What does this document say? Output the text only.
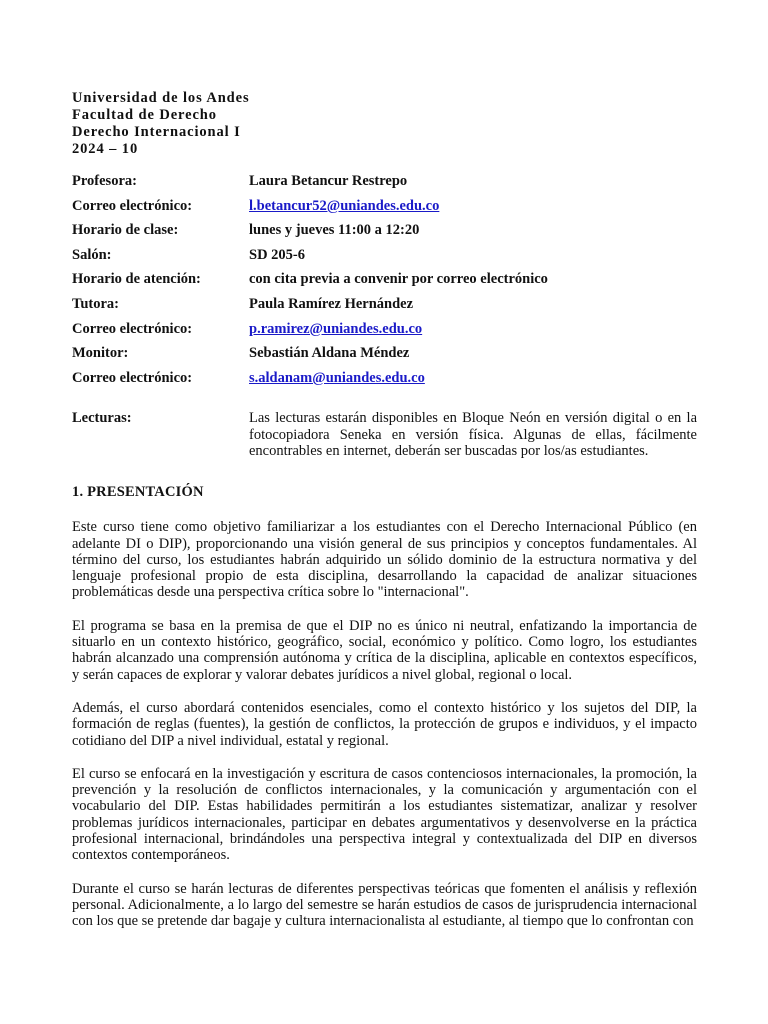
Universidad de los Andes
Facultad de Derecho
Derecho Internacional I
2024 – 10
Profesora:	Laura Betancur Restrepo
Correo electrónico:	l.betancur52@uniandes.edu.co
Horario de clase:	lunes y jueves 11:00 a 12:20
Salón:	SD 205-6
Horario de atención:	con cita previa a convenir por correo electrónico
Tutora:	Paula Ramírez Hernández
Correo electrónico:	p.ramirez@uniandes.edu.co
Monitor:	Sebastián Aldana Méndez
Correo electrónico:	s.aldanam@uniandes.edu.co
Lecturas:	Las lecturas estarán disponibles en Bloque Neón en versión digital o en la fotocopiadora Seneka en versión física. Algunas de ellas, fácilmente encontrables en internet, deberán ser buscadas por los/as estudiantes.
1. PRESENTACIÓN

Este curso tiene como objetivo familiarizar a los estudiantes con el Derecho Internacional Público (en adelante DI o DIP), proporcionando una visión general de sus principios y conceptos fundamentales. Al término del curso, los estudiantes habrán adquirido un sólido dominio de la estructura normativa y del lenguaje profesional propio de esta disciplina, desarrollando la capacidad de analizar situaciones problemáticas desde una perspectiva crítica sobre lo "internacional".

El programa se basa en la premisa de que el DIP no es único ni neutral, enfatizando la importancia de situarlo en un contexto histórico, geográfico, social, económico y político. Como logro, los estudiantes habrán alcanzado una comprensión autónoma y crítica de la disciplina, aplicable en contextos específicos, y serán capaces de explorar y valorar debates jurídicos a nivel global, regional o local.

Además, el curso abordará contenidos esenciales, como el contexto histórico y los sujetos del DIP, la formación de reglas (fuentes), la gestión de conflictos, la protección de grupos e individuos, y el impacto cotidiano del DIP a nivel individual, estatal y regional.

El curso se enfocará en la investigación y escritura de casos contenciosos internacionales, la promoción, la prevención y la resolución de conflictos internacionales, y la comunicación y argumentación con el vocabulario del DIP. Estas habilidades permitirán a los estudiantes sistematizar, analizar y resolver problemas jurídicos internacionales, participar en debates argumentativos y desenvolverse en la práctica profesional internacional, brindándoles una perspectiva integral y contextualizada del DIP en diversos contextos contemporáneos.

Durante el curso se harán lecturas de diferentes perspectivas teóricas que fomenten el análisis y reflexión personal. Adicionalmente, a lo largo del semestre se harán estudios de casos de jurisprudencia internacional con los que se pretende dar bagaje y cultura internacionalista al estudiante, al tiempo que lo confrontan con
